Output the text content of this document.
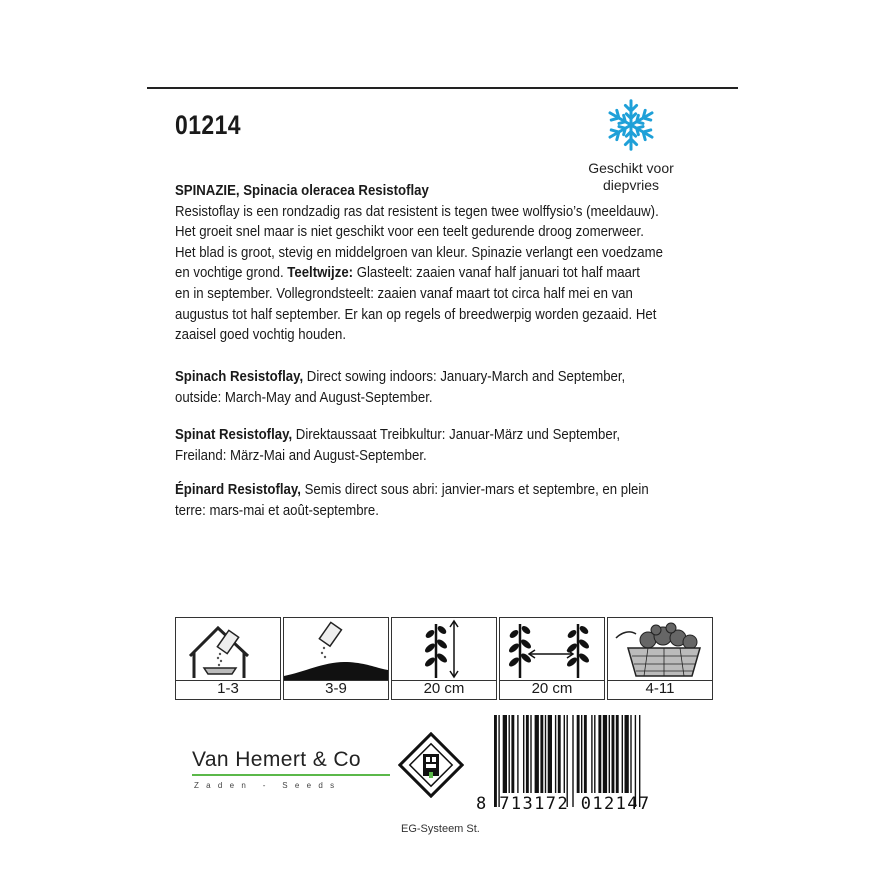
01214
Geschikt voor
diepvries
SPINAZIE, Spinacia oleracea Resistoflay
Resistoflay is een rondzadig ras dat resistent is tegen twee wolffysio’s (meeldauw).
Het groeit snel maar is niet geschikt voor een teelt gedurende droog zomerweer.
Het blad is groot, stevig en middelgroen van kleur. Spinazie verlangt een voedzame
en vochtige grond. Teeltwijze: Glasteelt: zaaien vanaf half januari tot half maart
en in september. Vollegrondsteelt: zaaien vanaf maart tot circa half mei en van
augustus tot half september. Er kan op regels of breedwerpig worden gezaaid. Het
zaaisel goed vochtig houden.
Spinach Resistoflay, Direct sowing indoors: January-March and September,
outside: March-May and August-September.
Spinat Resistoflay, Direktaussaat Treibkultur: Januar-März und September,
Freiland: März-Mai and August-September.
Épinard Resistoflay, Semis direct sous abri: janvier-mars et septembre, en plein
terre: mars-mai et août-septembre.
1-3	3-9	20 cm	20 cm	4-11
Van Hemert & Co
Zaden - Seeds
8 713172 012147
EG-Systeem St.
